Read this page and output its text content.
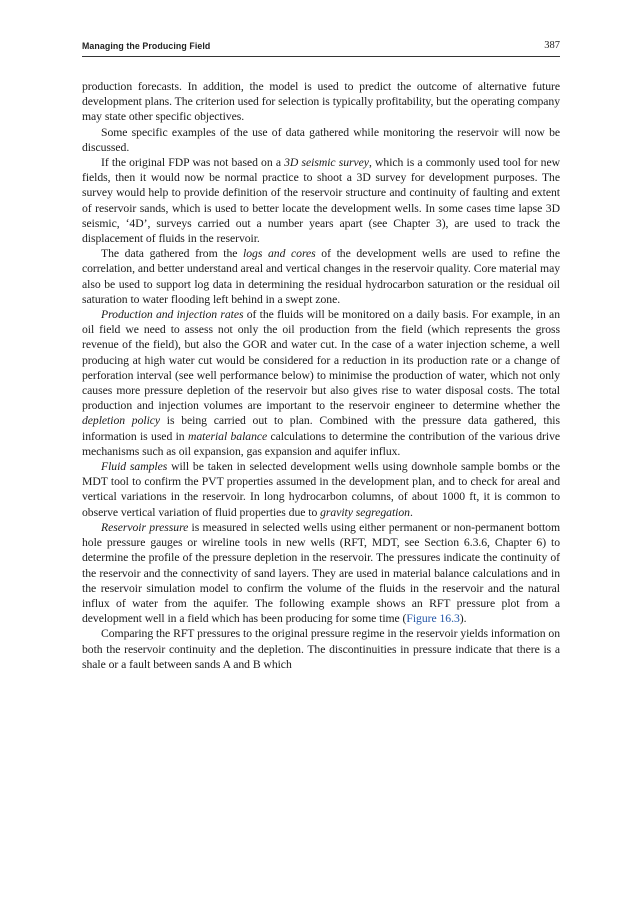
Managing the Producing Field	387

production forecasts. In addition, the model is used to predict the outcome of alternative future development plans. The criterion used for selection is typically profitability, but the operating company may state other specific objectives.

Some specific examples of the use of data gathered while monitoring the reservoir will now be discussed.

If the original FDP was not based on a 3D seismic survey, which is a commonly used tool for new fields, then it would now be normal practice to shoot a 3D survey for development purposes. The survey would help to provide definition of the reservoir structure and continuity of faulting and extent of reservoir sands, which is used to better locate the development wells. In some cases time lapse 3D seismic, ‘4D’, surveys carried out a number years apart (see Chapter 3), are used to track the displacement of fluids in the reservoir.

The data gathered from the logs and cores of the development wells are used to refine the correlation, and better understand areal and vertical changes in the reservoir quality. Core material may also be used to support log data in determining the residual hydrocarbon saturation or the residual oil saturation to water flooding left behind in a swept zone.

Production and injection rates of the fluids will be monitored on a daily basis. For example, in an oil field we need to assess not only the oil production from the field (which represents the gross revenue of the field), but also the GOR and water cut. In the case of a water injection scheme, a well producing at high water cut would be considered for a reduction in its production rate or a change of perforation interval (see well performance below) to minimise the production of water, which not only causes more pressure depletion of the reservoir but also gives rise to water disposal costs. The total production and injection volumes are important to the reservoir engineer to determine whether the depletion policy is being carried out to plan. Combined with the pressure data gathered, this information is used in material balance calculations to determine the contribution of the various drive mechanisms such as oil expansion, gas expansion and aquifer influx.

Fluid samples will be taken in selected development wells using downhole sample bombs or the MDT tool to confirm the PVT properties assumed in the development plan, and to check for areal and vertical variations in the reservoir. In long hydrocarbon columns, of about 1000 ft, it is common to observe vertical variation of fluid properties due to gravity segregation.

Reservoir pressure is measured in selected wells using either permanent or non-permanent bottom hole pressure gauges or wireline tools in new wells (RFT, MDT, see Section 6.3.6, Chapter 6) to determine the profile of the pressure depletion in the reservoir. The pressures indicate the continuity of the reservoir and the connectivity of sand layers. They are used in material balance calculations and in the reservoir simulation model to confirm the volume of the fluids in the reservoir and the natural influx of water from the aquifer. The following example shows an RFT pressure plot from a development well in a field which has been producing for some time (Figure 16.3).

Comparing the RFT pressures to the original pressure regime in the reservoir yields information on both the reservoir continuity and the depletion. The discontinuities in pressure indicate that there is a shale or a fault between sands A and B which
